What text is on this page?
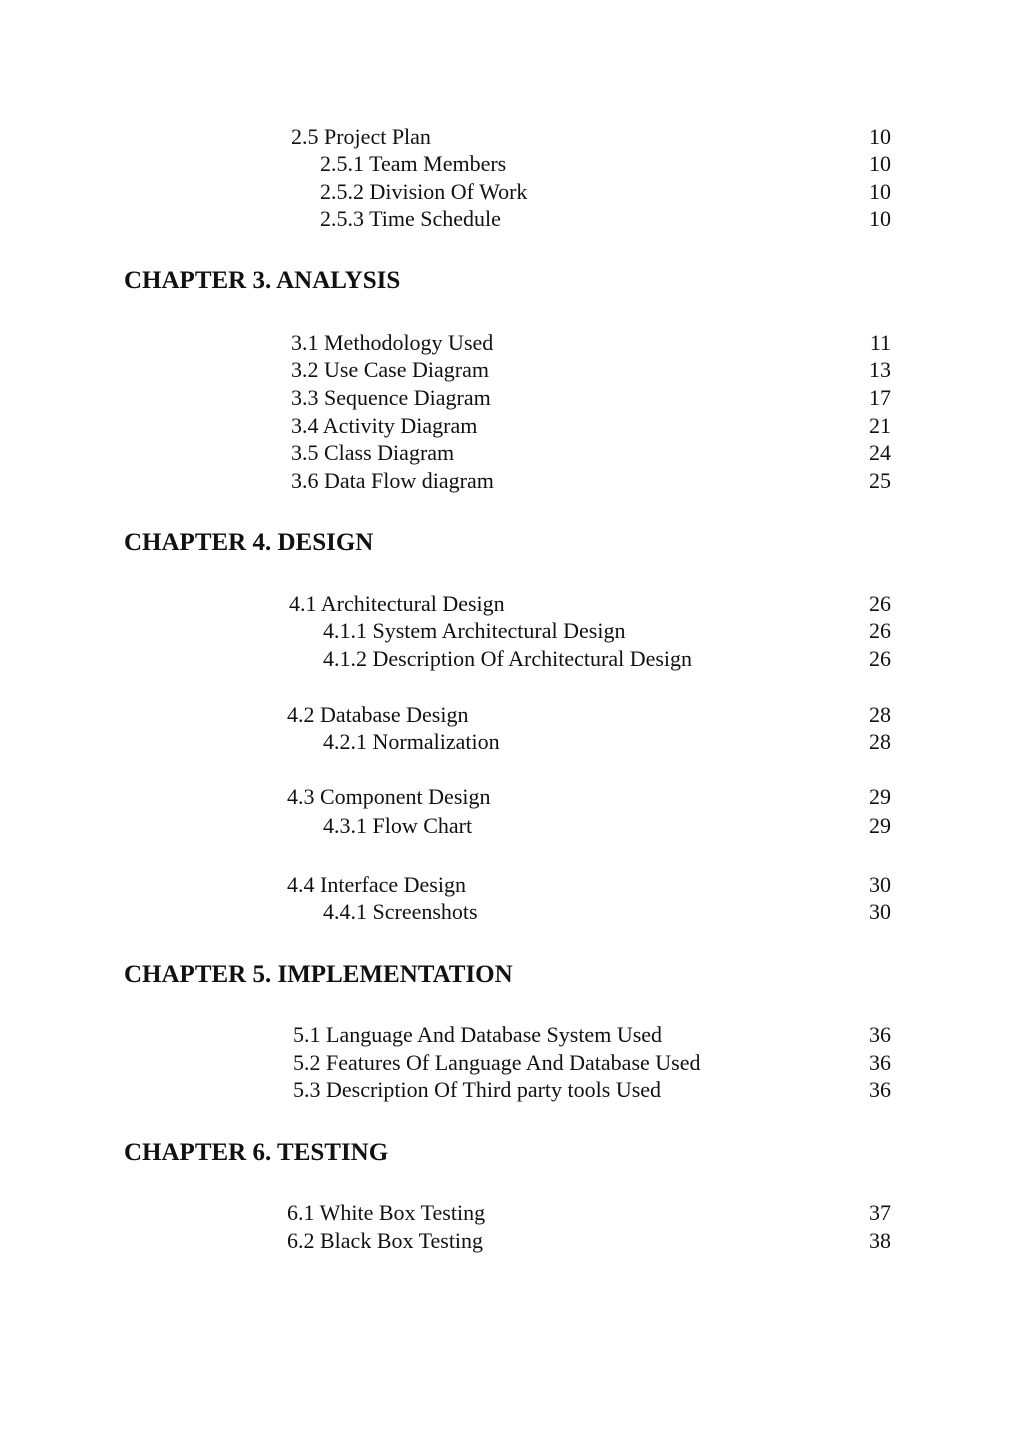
2.5 Project Plan	10
2.5.1 Team Members	10
2.5.2 Division Of Work	10
2.5.3 Time Schedule	10
CHAPTER 3. ANALYSIS
3.1 Methodology Used	11
3.2 Use Case Diagram	13
3.3 Sequence Diagram	17
3.4 Activity Diagram	21
3.5 Class Diagram	24
3.6 Data Flow diagram	25
CHAPTER 4. DESIGN
4.1 Architectural Design	26
4.1.1 System Architectural Design	26
4.1.2 Description Of Architectural Design	26
4.2 Database Design	28
4.2.1 Normalization	28
4.3 Component Design	29
4.3.1 Flow Chart	29
4.4 Interface Design	30
4.4.1 Screenshots	30
CHAPTER 5. IMPLEMENTATION
5.1 Language And Database System Used	36
5.2 Features Of Language And Database Used	36
5.3 Description Of Third party tools Used	36
CHAPTER 6. TESTING
6.1 White Box Testing	37
6.2 Black Box Testing	38
